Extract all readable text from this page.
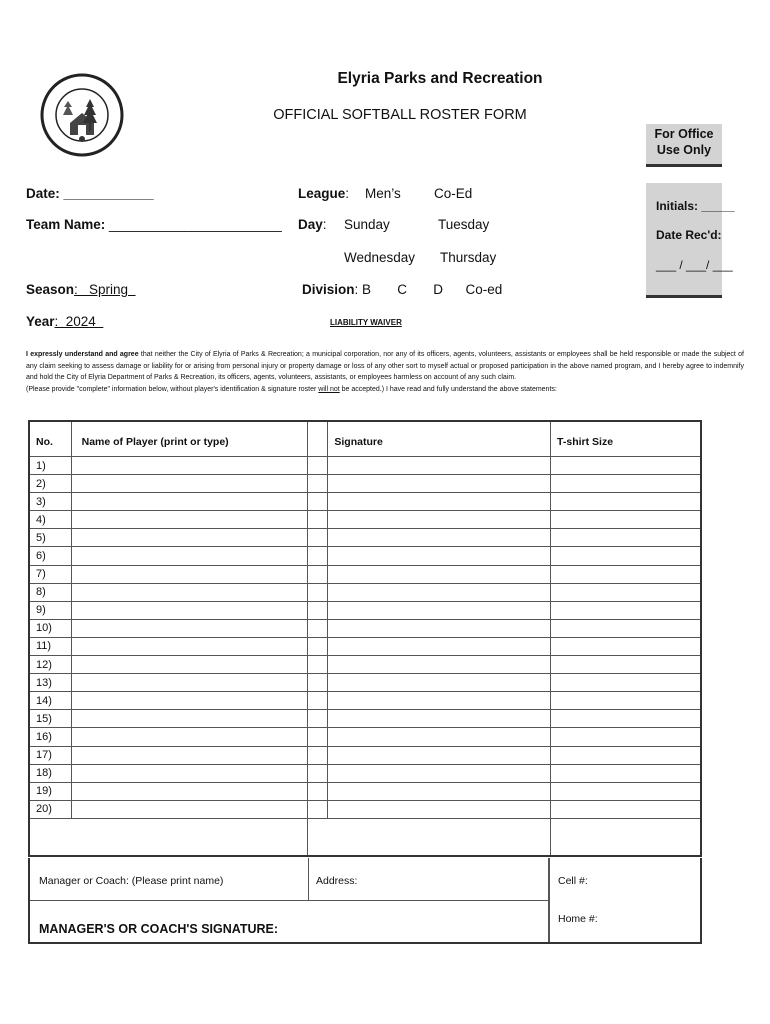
Elyria Parks and Recreation
OFFICIAL SOFTBALL ROSTER FORM
For Office
Use Only
Initials: _____
Date Rec'd:
___ / ___/ ___
Date: ____________
Team Name: _______________________
Season:   Spring
Year:  2024
League: Men’s Co-Ed
Day: Sunday	Tuesday
Wednesday Thursday
Division: B       C       D      Co-ed
LIABILITY WAIVER
I expressly understand and agree that neither the City of Elyria of Parks & Recreation; a municipal corporation, nor any of its officers, agents, volunteers, assistants or employees shall be held responsible or made the subject of any claim seeking to assess damage or liability for or arising from personal injury or property damage or loss of any other sort to myself actual or proposed participation in the above named program, and I hereby agree to indemnify and hold the City of Elyria Department of Parks & Recreation, its officers, agents, volunteers, assistants, or employees harmless on account of any such claim.
(Please provide "complete" information below, without player's identification & signature roster will not be accepted.) I have read and fully understand the above statements:
No.	Name of Player (print or type)		Signature	T-shirt Size
1)				
2)				
3)				
4)				
5)				
6)				
7)				
8)				
9)				
10)				
11)				
12)				
13)				
14)				
15)				
16)				
17)				
18)				
19)				
20)				

Manager or Coach: (Please print name)	Address:
MANAGER'S OR COACH'S SIGNATURE:
Cell #:
Home #:
